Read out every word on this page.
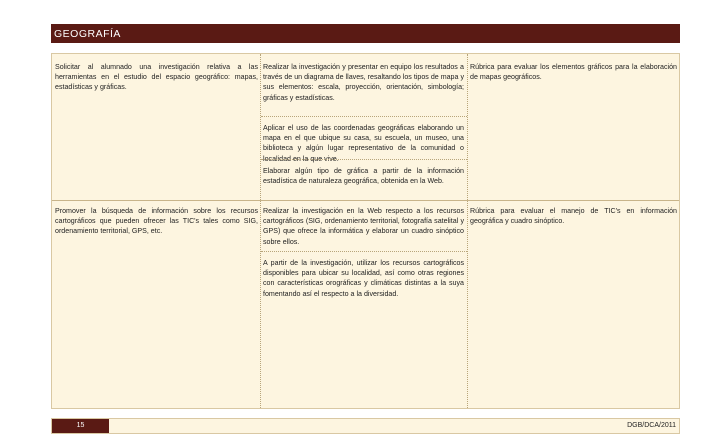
GEOGRAFÍA

Solicitar al alumnado una investigación relativa a las herramientas en el estudio del espacio geográfico: mapas, estadísticas y gráficas.

Realizar la investigación y presentar en equipo los resultados a través de un diagrama de llaves, resaltando los tipos de mapa y sus elementos: escala, proyección, orientación, simbología; gráficas y estadísticas.

Aplicar el uso de las coordenadas geográficas elaborando un mapa en el que ubique su casa, su escuela, un museo, una biblioteca y algún lugar representativo de la comunidad o localidad en la que vive.

Elaborar algún tipo de gráfica a partir de la información estadística de naturaleza geográfica, obtenida en la Web.

Rúbrica para evaluar los elementos gráficos para la elaboración de mapas geográficos.

Promover la búsqueda de información sobre los recursos cartográficos que pueden ofrecer las TIC's tales como SIG, ordenamiento territorial, GPS, etc.

Realizar la investigación en la Web respecto a los recursos cartográficos (SIG, ordenamiento territorial, fotografía satelital y GPS) que ofrece la informática y elaborar un cuadro sinóptico sobre ellos.

A partir de la investigación, utilizar los recursos cartográficos disponibles para ubicar su localidad, así como otras regiones con características orográficas y climáticas distintas a la suya fomentando así el respecto a la diversidad.

Rúbrica para evaluar el manejo de TIC's en información geográfica y cuadro sinóptico.

15	DGB/DCA/2011
